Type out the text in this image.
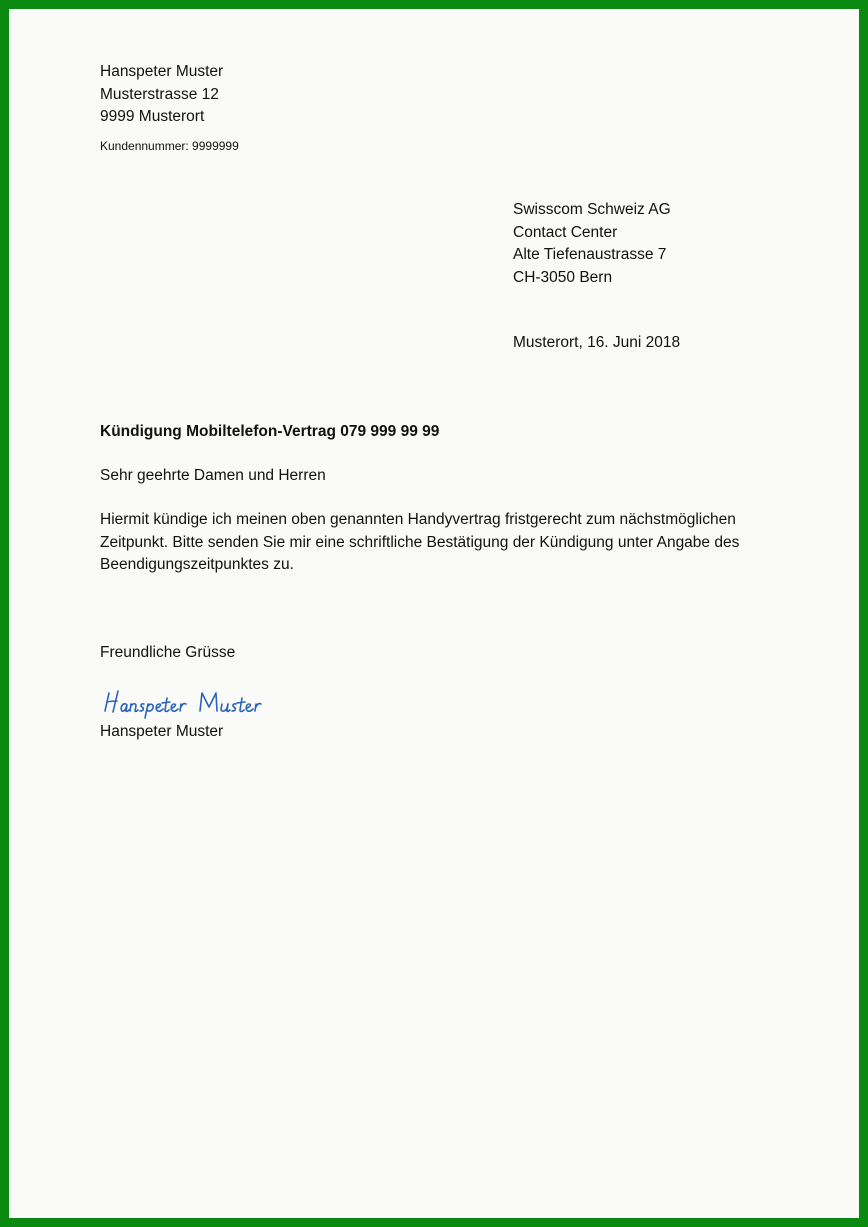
Hanspeter Muster
Musterstrasse 12
9999 Musterort
Kundennummer: 9999999
Swisscom Schweiz AG
Contact Center
Alte Tiefenaustrasse 7
CH-3050 Bern
Musterort, 16. Juni 2018
Kündigung Mobiltelefon-Vertrag 079 999 99 99
Sehr geehrte Damen und Herren
Hiermit kündige ich meinen oben genannten Handyvertrag fristgerecht zum nächstmöglichen
Zeitpunkt. Bitte senden Sie mir eine schriftliche Bestätigung der Kündigung unter Angabe des
Beendigungszeitpunktes zu.
Freundliche Grüsse
Hanspeter Muster
⠀
